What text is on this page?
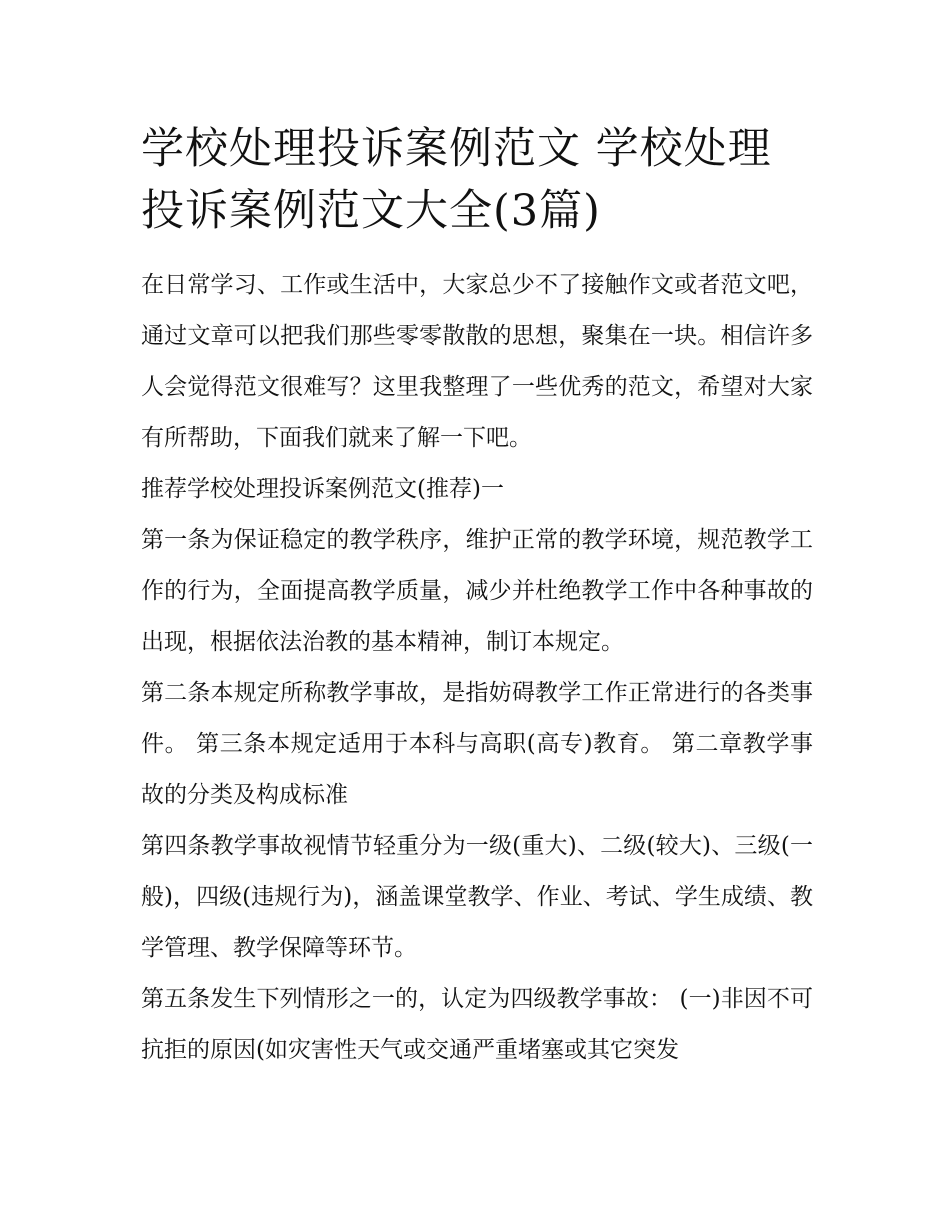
学校处理投诉案例范文 学校处理投诉案例范文大全(3篇)

在日常学习、工作或生活中，大家总少不了接触作文或者范文吧，通过文章可以把我们那些零零散散的思想，聚集在一块。相信许多人会觉得范文很难写？这里我整理了一些优秀的范文，希望对大家有所帮助，下面我们就来了解一下吧。

推荐学校处理投诉案例范文(推荐)一

第一条为保证稳定的教学秩序，维护正常的教学环境，规范教学工作的行为，全面提高教学质量，减少并杜绝教学工作中各种事故的出现，根据依法治教的基本精神，制订本规定。

第二条本规定所称教学事故，是指妨碍教学工作正常进行的各类事件。 第三条本规定适用于本科与高职(高专)教育。 第二章教学事故的分类及构成标准

第四条教学事故视情节轻重分为一级(重大)、二级(较大)、三级(一般)，四级(违规行为)，涵盖课堂教学、作业、考试、学生成绩、教学管理、教学保障等环节。

第五条发生下列情形之一的，认定为四级教学事故： (一)非因不可抗拒的原因(如灾害性天气或交通严重堵塞或其它突发
